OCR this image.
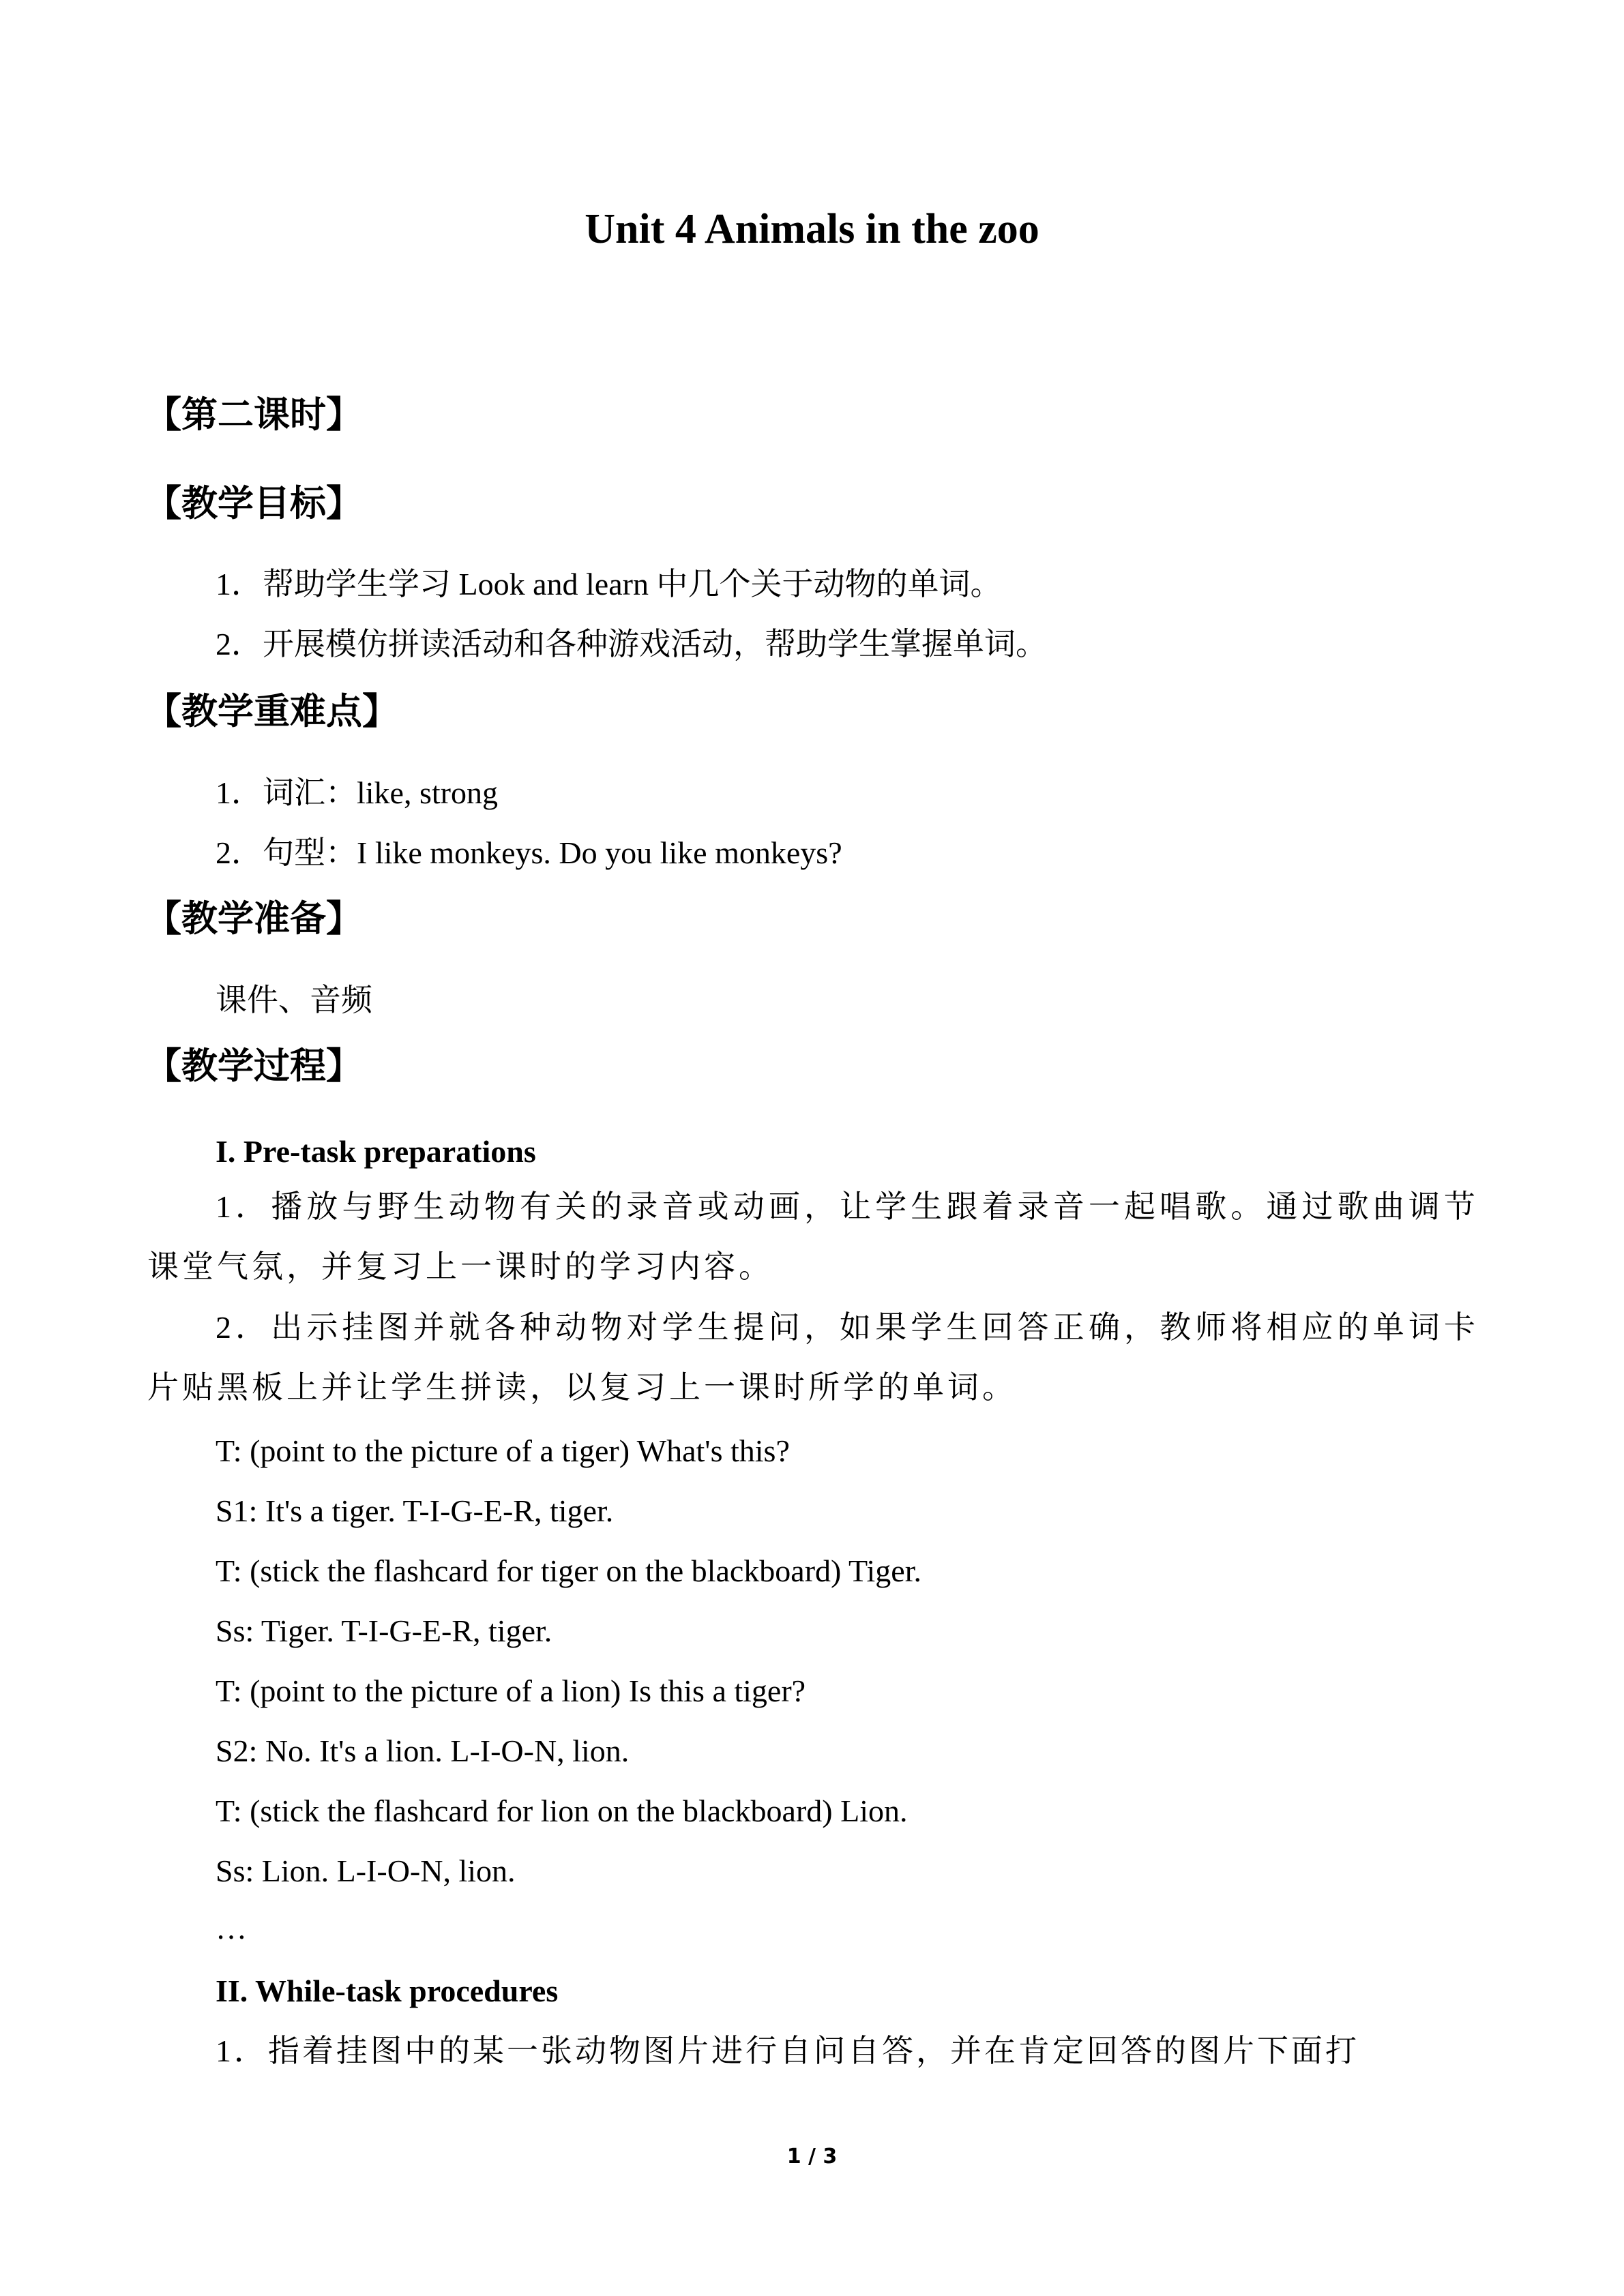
Unit 4 Animals in the zoo
【第二课时】
【教学目标】
1．帮助学生学习 Look and learn 中几个关于动物的单词。
2．开展模仿拼读活动和各种游戏活动，帮助学生掌握单词。
【教学重难点】
1．词汇：like, strong
2．句型：I like monkeys. Do you like monkeys?
【教学准备】
课件、音频
【教学过程】
I. Pre-task preparations
1．播放与野生动物有关的录音或动画，让学生跟着录音一起唱歌。通过歌曲调节课堂气氛，并复习上一课时的学习内容。
2．出示挂图并就各种动物对学生提问，如果学生回答正确，教师将相应的单词卡片贴黑板上并让学生拼读，以复习上一课时所学的单词。
T: (point to the picture of a tiger) What's this?
S1: It's a tiger. T-I-G-E-R, tiger.
T: (stick the flashcard for tiger on the blackboard) Tiger.
Ss: Tiger. T-I-G-E-R, tiger.
T: (point to the picture of a lion) Is this a tiger?
S2: No. It's a lion. L-I-O-N, lion.
T: (stick the flashcard for lion on the blackboard) Lion.
Ss: Lion. L-I-O-N, lion.
…
II. While-task procedures
1．指着挂图中的某一张动物图片进行自问自答，并在肯定回答的图片下面打
1 / 3
